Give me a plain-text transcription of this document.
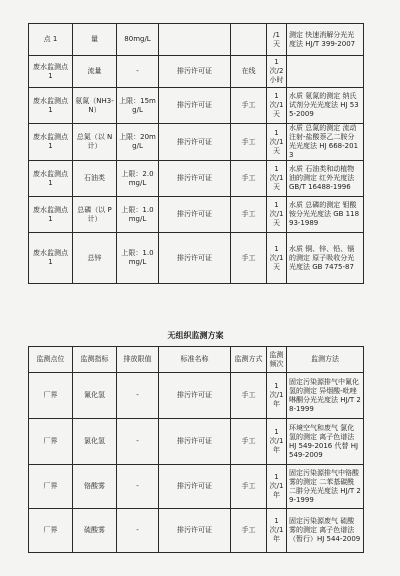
点 1	量	80mg/L			/1 天	测定 快速消解分光光度法 HJ/T 399-2007
废水监测点 1	流量	-	排污许可证	在线	1 次/2 小时	
废水监测点 1	氨氮（NH3-N）	上限：15mg/L	排污许可证	手工	1 次/1 天	水质 氨氮的测定 纳氏试剂分光光度法 HJ 535-2009
废水监测点 1	总氮（以 N 计）	上限：20mg/L	排污许可证	手工	1 次/1 天	水质 总氮的测定 流动注射-盐酸萘乙二胺分光光度法 HJ 668-2013
废水监测点 1	石油类	上限：2.0mg/L	排污许可证	手工	1 次/1 天	水质 石油类和动植物油的测定 红外光度法 GB/T 16488-1996
废水监测点 1	总磷（以 P 计）	上限：1.0mg/L	排污许可证	手工	1 次/1 天	水质 总磷的测定 钼酸铵分光光度法 GB 11893-1989
废水监测点 1	总锌	上限：1.0mg/L	排污许可证	手工	1 次/1 天	水质 铜、锌、铅、镉的测定 原子吸收分光光度法 GB 7475-87
无组织监测方案
监测点位	监测指标	排放限值	标准名称	监测方式	监测频次	监测方法
厂界	氰化氢	-	排污许可证	手工	1 次/1 年	固定污染源排气中氰化氢的测定 异烟酸-吡唑啉酮分光光度法 HJ/T 28-1999
厂界	氯化氢	-	排污许可证	手工	1 次/1 年	环境空气和废气 氯化氢的测定 离子色谱法 HJ 549-2016 代替 HJ 549-2009
厂界	铬酸雾	-	排污许可证	手工	1 次/1 年	固定污染源排气中铬酸雾的测定 二苯基碳酰二肼分光光度法 HJ/T 29-1999
厂界	硫酸雾	-	排污许可证	手工	1 次/1 年	固定污染源废气 硫酸雾的测定 离子色谱法（暂行）HJ 544-2009
